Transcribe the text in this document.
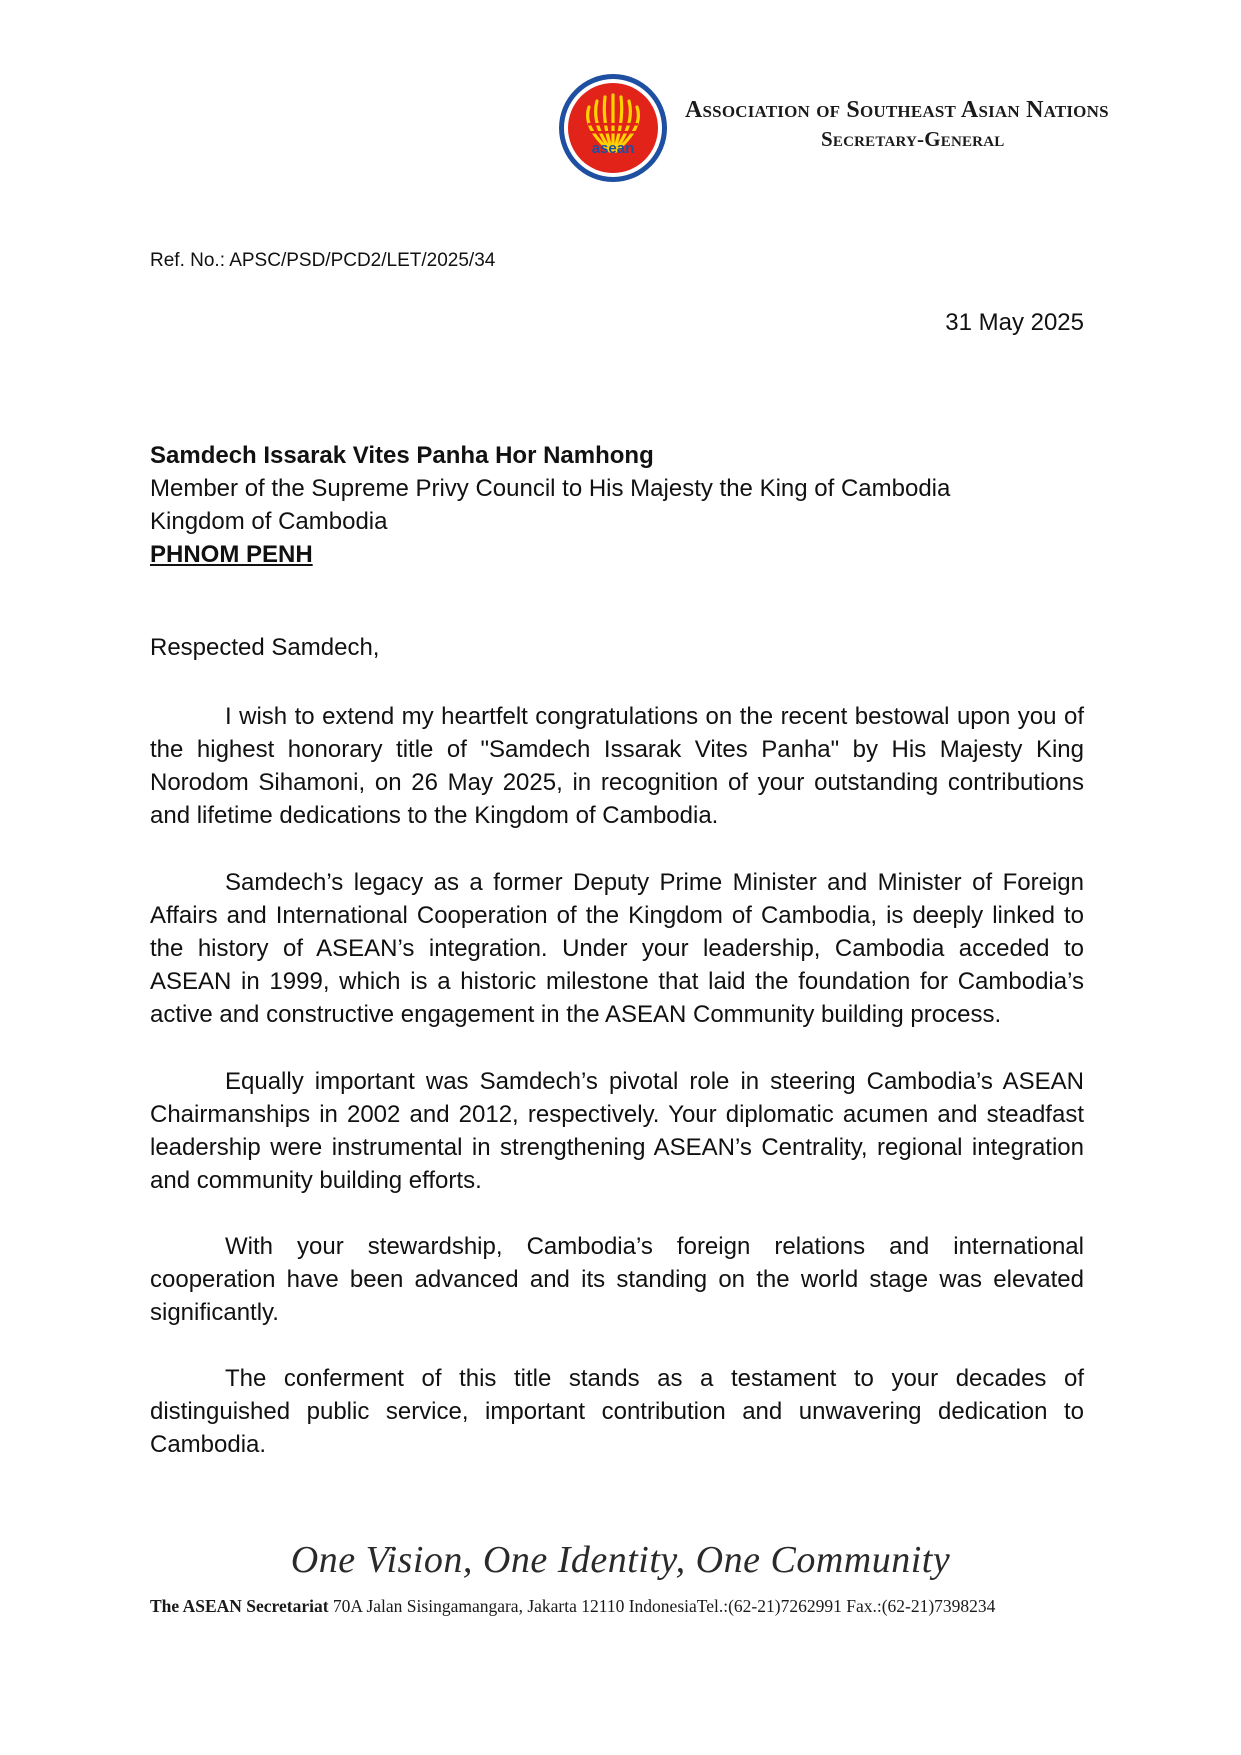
asean
Association of Southeast Asian Nations
Secretary-General
Ref. No.: APSC/PSD/PCD2/LET/2025/34
31 May 2025
Samdech Issarak Vites Panha Hor Namhong
Member of the Supreme Privy Council to His Majesty the King of Cambodia
Kingdom of Cambodia
PHNOM PENH
Respected Samdech,

I wish to extend my heartfelt congratulations on the recent bestowal upon you of the highest honorary title of "Samdech Issarak Vites Panha" by His Majesty King Norodom Sihamoni, on 26 May 2025, in recognition of your outstanding contributions and lifetime dedications to the Kingdom of Cambodia.

Samdech’s legacy as a former Deputy Prime Minister and Minister of Foreign Affairs and International Cooperation of the Kingdom of Cambodia, is deeply linked to the history of ASEAN’s integration. Under your leadership, Cambodia acceded to ASEAN in 1999, which is a historic milestone that laid the foundation for Cambodia’s active and constructive engagement in the ASEAN Community building process.

Equally important was Samdech’s pivotal role in steering Cambodia’s ASEAN Chairmanships in 2002 and 2012, respectively. Your diplomatic acumen and steadfast leadership were instrumental in strengthening ASEAN’s Centrality, regional integration and community building efforts.

With your stewardship, Cambodia’s foreign relations and international cooperation have been advanced and its standing on the world stage was elevated significantly.

The conferment of this title stands as a testament to your decades of distinguished public service, important contribution and unwavering dedication to Cambodia.

One Vision, One Identity, One Community
The ASEAN Secretariat 70A Jalan Sisingamangara, Jakarta 12110 IndonesiaTel.:(62-21)7262991 Fax.:(62-21)7398234
